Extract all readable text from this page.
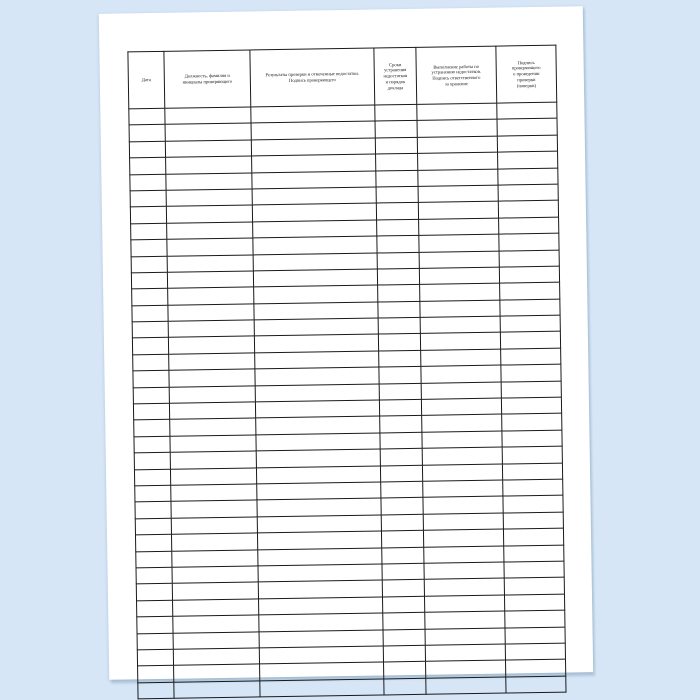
Дата	Должность, фамилия и
инициалы проверяющего	Результаты проверки и отмеченные недостатки.
Подпись проверяющего	Сроки
устранения
недостатков
и порядок
доклада	Выполнение работы по
устранению недостатков.
Подпись ответственного
за хранение	Подпись
проверяющего
о проведении
проверки
(поверки)
